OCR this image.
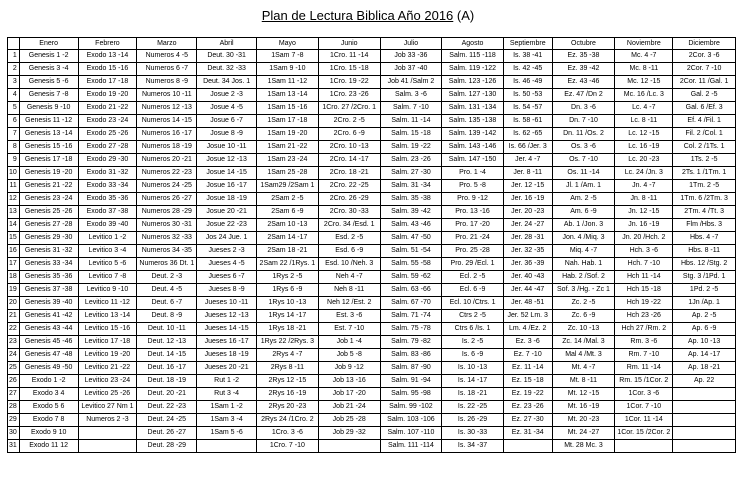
Plan de Lectura Biblica Año 2016 (A)
	Enero	Febrero	Marzo	Abril	Mayo	Junio	Julio	Agosto	Septiembre	Octubre	Noviembre	Diciembre
1	Genesis 1 -2	Exodo 13 -14	Numeros 4 -5	Deut. 30 -31	1Sam 7 -8	1Cro. 11 -14	Job 33 -36	Salm. 115 -118	Is. 38 -41	Ez. 35 -38	Mc. 4 -7	2Cor. 3 -6
2	Genesis 3 -4	Exodo 15 -16	Numeros 6 -7	Deut. 32 -33	1Sam 9 -10	1Cro. 15 -18	Job 37 -40	Salm. 119 -122	Is. 42 -45	Ez. 39 -42	Mc. 8 -11	2Cor. 7 -10
3	Genesis 5 -6	Exodo 17 -18	Numeros 8 -9	Deut. 34 Jos. 1	1Sam 11 -12	1Cro. 19 -22	Job 41 /Salm 2	Salm. 123 -126	Is. 46 -49	Ez. 43 -46	Mc. 12 -15	2Cor. 11 /Gal. 1
4	Genesis 7 -8	Exodo 19 -20	Numeros 10 -11	Josue 2 -3	1Sam 13 -14	1Cro. 23 -26	Salm. 3 -6	Salm. 127 -130	Is. 50 -53	Ez. 47 /Dn 2	Mc. 16 /Lc. 3	Gal. 2 -5
5	Genesis 9 -10	Exodo 21 -22	Numeros 12 -13	Josue 4 -5	1Sam 15 -16	1Cro. 27 /2Cro. 1	Salm. 7 -10	Salm. 131 -134	Is. 54 -57	Dn. 3 -6	Lc. 4 -7	Gal. 6 /Ef. 3
6	Genesis 11 -12	Exodo 23 -24	Numeros 14 -15	Josue 6 -7	1Sam 17 -18	2Cro. 2 -5	Salm. 11 -14	Salm. 135 -138	Is. 58 -61	Dn. 7 -10	Lc. 8 -11	Ef. 4 /Fil. 1
7	Genesis 13 -14	Exodo 25 -26	Numeros 16 -17	Josue 8 -9	1Sam 19 -20	2Cro. 6 -9	Salm. 15 -18	Salm. 139 -142	Is. 62 -65	Dn. 11 /Os. 2	Lc. 12 -15	Fil. 2 /Col. 1
8	Genesis 15 -16	Exodo 27 -28	Numeros 18 -19	Josue 10 -11	1Sam 21 -22	2Cro. 10 -13	Salm. 19 -22	Salm. 143 -146	Is. 66 /Jer. 3	Os. 3 -6	Lc. 16 -19	Col. 2 /1Ts. 1
9	Genesis 17 -18	Exodo 29 -30	Numeros 20 -21	Josue 12 -13	1Sam 23 -24	2Cro. 14 -17	Salm. 23 -26	Salm. 147 -150	Jer. 4 -7	Os. 7 -10	Lc. 20 -23	1Ts. 2 -5
10	Genesis 19 -20	Exodo 31 -32	Numeros 22 -23	Josue 14 -15	1Sam 25 -28	2Cro. 18 -21	Salm. 27 -30	Pro. 1 -4	Jer. 8 -11	Os. 11 -14	Lc. 24 /Jn. 3	2Ts. 1 /1Tm. 1
11	Genesis 21 -22	Exodo 33 -34	Numeros 24 -25	Josue 16 -17	1Sam29 /2Sam 1	2Cro. 22 -25	Salm. 31 -34	Pro. 5 -8	Jer. 12 -15	Jl. 1 /Am. 1	Jn. 4 -7	1Tm. 2 -5
12	Genesis 23 -24	Exodo 35 -36	Numeros 26 -27	Josue 18 -19	2Sam 2 -5	2Cro. 26 -29	Salm. 35 -38	Pro. 9 -12	Jer. 16 -19	Am. 2 -5	Jn. 8 -11	1Tm. 6 /2Tm. 3
13	Genesis 25 -26	Exodo 37 -38	Numeros 28 -29	Josue 20 -21	2Sam 6 -9	2Cro. 30 -33	Salm. 39 -42	Pro. 13 -16	Jer. 20 -23	Am. 6 -9	Jn. 12 -15	2Tm. 4 /Tt. 3
14	Genesis 27 -28	Exodo 39 -40	Numeros 30 -31	Josue 22 -23	2Sam 10 -13	2Cro. 34 /Esd. 1	Salm. 43 -46	Pro. 17 -20	Jer. 24 -27	Ab. 1 /Jon. 3	Jn. 16 -19	Flm /Hbs. 3
15	Genesis 29 -30	Levitico 1 -2	Numeros 32 -33	Jos 24 Jue. 1	2Sam 14 -17	Esd. 2 -5	Salm. 47 -50	Pro. 21 -24	Jer. 28 -31	Jon. 4 /Miq. 3	Jn. 20 /Hch. 2	Hbs. 4 -7
16	Genesis 31 -32	Levitico 3 -4	Numeros 34 -35	Jueses 2 -3	2Sam 18 -21	Esd. 6 -9	Salm. 51 -54	Pro. 25 -28	Jer. 32 -35	Miq. 4 -7	Hch. 3 -6	Hbs. 8 -11
17	Genesis 33 -34	Levitico 5 -6	Numeros 36 Dt. 1	Jueses 4 -5	2Sam 22 /1Rys. 1	Esd. 10 /Neh. 3	Salm. 55 -58	Pro. 29 /Ecl. 1	Jer. 36 -39	Nah. Hab. 1	Hch. 7 -10	Hbs. 12 /Stg. 2
18	Genesis 35 -36	Levitico 7 -8	Deut. 2 -3	Jueses 6 -7	1Rys 2 -5	Neh 4 -7	Salm. 59 -62	Ecl. 2 -5	Jer. 40 -43	Hab. 2 /Sof. 2	Hch 11 -14	Stg. 3 /1Pd. 1
19	Genesis 37 -38	Levitico 9 -10	Deut. 4 -5	Jueses 8 -9	1Rys 6 -9	Neh 8 -11	Salm. 63 -66	Ecl. 6 -9	Jer. 44 -47	Sof. 3 /Hg. - Zc 1	Hch 15 -18	1Pd. 2 -5
20	Genesis 39 -40	Levitico 11 -12	Deut. 6 -7	Jueses 10 -11	1Rys 10 -13	Neh 12 /Est. 2	Salm. 67 -70	Ecl. 10 /Ctrs. 1	Jer. 48 -51	Zc. 2 -5	Hch 19 -22	1Jn /Ap. 1
21	Genesis 41 -42	Levitico 13 -14	Deut. 8 -9	Jueses 12 -13	1Rys 14 -17	Est. 3 -6	Salm. 71 -74	Ctrs 2 -5	Jer. 52 Lm. 3	Zc. 6 -9	Hch 23 -26	Ap. 2 -5
22	Genesis 43 -44	Levitico 15 -16	Deut. 10 -11	Jueses 14 -15	1Rys 18 -21	Est. 7 -10	Salm. 75 -78	Ctrs 6 /Is. 1	Lm. 4 /Ez. 2	Zc. 10 -13	Hch 27 /Rm. 2	Ap. 6 -9
23	Genesis 45 -46	Levitico 17 -18	Deut. 12 -13	Jueses 16 -17	1Rys 22 /2Rys. 3	Job 1 -4	Salm. 79 -82	Is. 2 -5	Ez. 3 -6	Zc. 14 /Mal. 3	Rm. 3 -6	Ap. 10 -13
24	Genesis 47 -48	Levitico 19 -20	Deut. 14 -15	Jueses 18 -19	2Rys 4 -7	Job 5 -8	Salm. 83 -86	Is. 6 -9	Ez. 7 -10	Mal 4 /Mt. 3	Rm. 7 -10	Ap. 14 -17
25	Genesis 49 -50	Levitico 21 -22	Deut. 16 -17	Jueses 20 -21	2Rys 8 -11	Job 9 -12	Salm. 87 -90	Is. 10 -13	Ez. 11 -14	Mt. 4 -7	Rm. 11 -14	Ap. 18 -21
26	Exodo 1 -2	Levitico 23 -24	Deut. 18 -19	Rut 1 -2	2Rys 12 -15	Job 13 -16	Salm. 91 -94	Is. 14 -17	Ez. 15 -18	Mt. 8 -11	Rm. 15 /1Cor. 2	Ap. 22
27	Exodo 3 4	Levitico 25 -26	Deut. 20 -21	Rut 3 -4	2Rys 16 -19	Job 17 -20	Salm. 95 -98	Is. 18 -21	Ez. 19 -22	Mt. 12 -15	1Cor. 3 -6	
28	Exodo 5 6	Levitico 27 Nm 1	Deut. 22 -23	1Sam 1 -2	2Rys 20 -23	Job 21 -24	Salm. 99 -102	Is. 22 -25	Ez. 23 -26	Mt. 16 -19	1Cor. 7 -10	
29	Exodo 7 8	Numeros 2 -3	Deut. 24 -25	1Sam 3 -4	2Rys 24 /1Cro. 2	Job 25 -28	Salm. 103 -106	Is. 26 -29	Ez. 27 -30	Mt. 20 -23	1Cor. 11 -14	
30	Exodo 9 10		Deut. 26 -27	1Sam 5 -6	1Cro. 3 -6	Job 29 -32	Salm. 107 -110	Is. 30 -33	Ez. 31 -34	Mt. 24 -27	1Cor. 15 /2Cor. 2	
31	Exodo 11 12		Deut. 28 -29		1Cro. 7 -10		Salm. 111 -114	Is. 34 -37		Mt. 28 Mc. 3		
